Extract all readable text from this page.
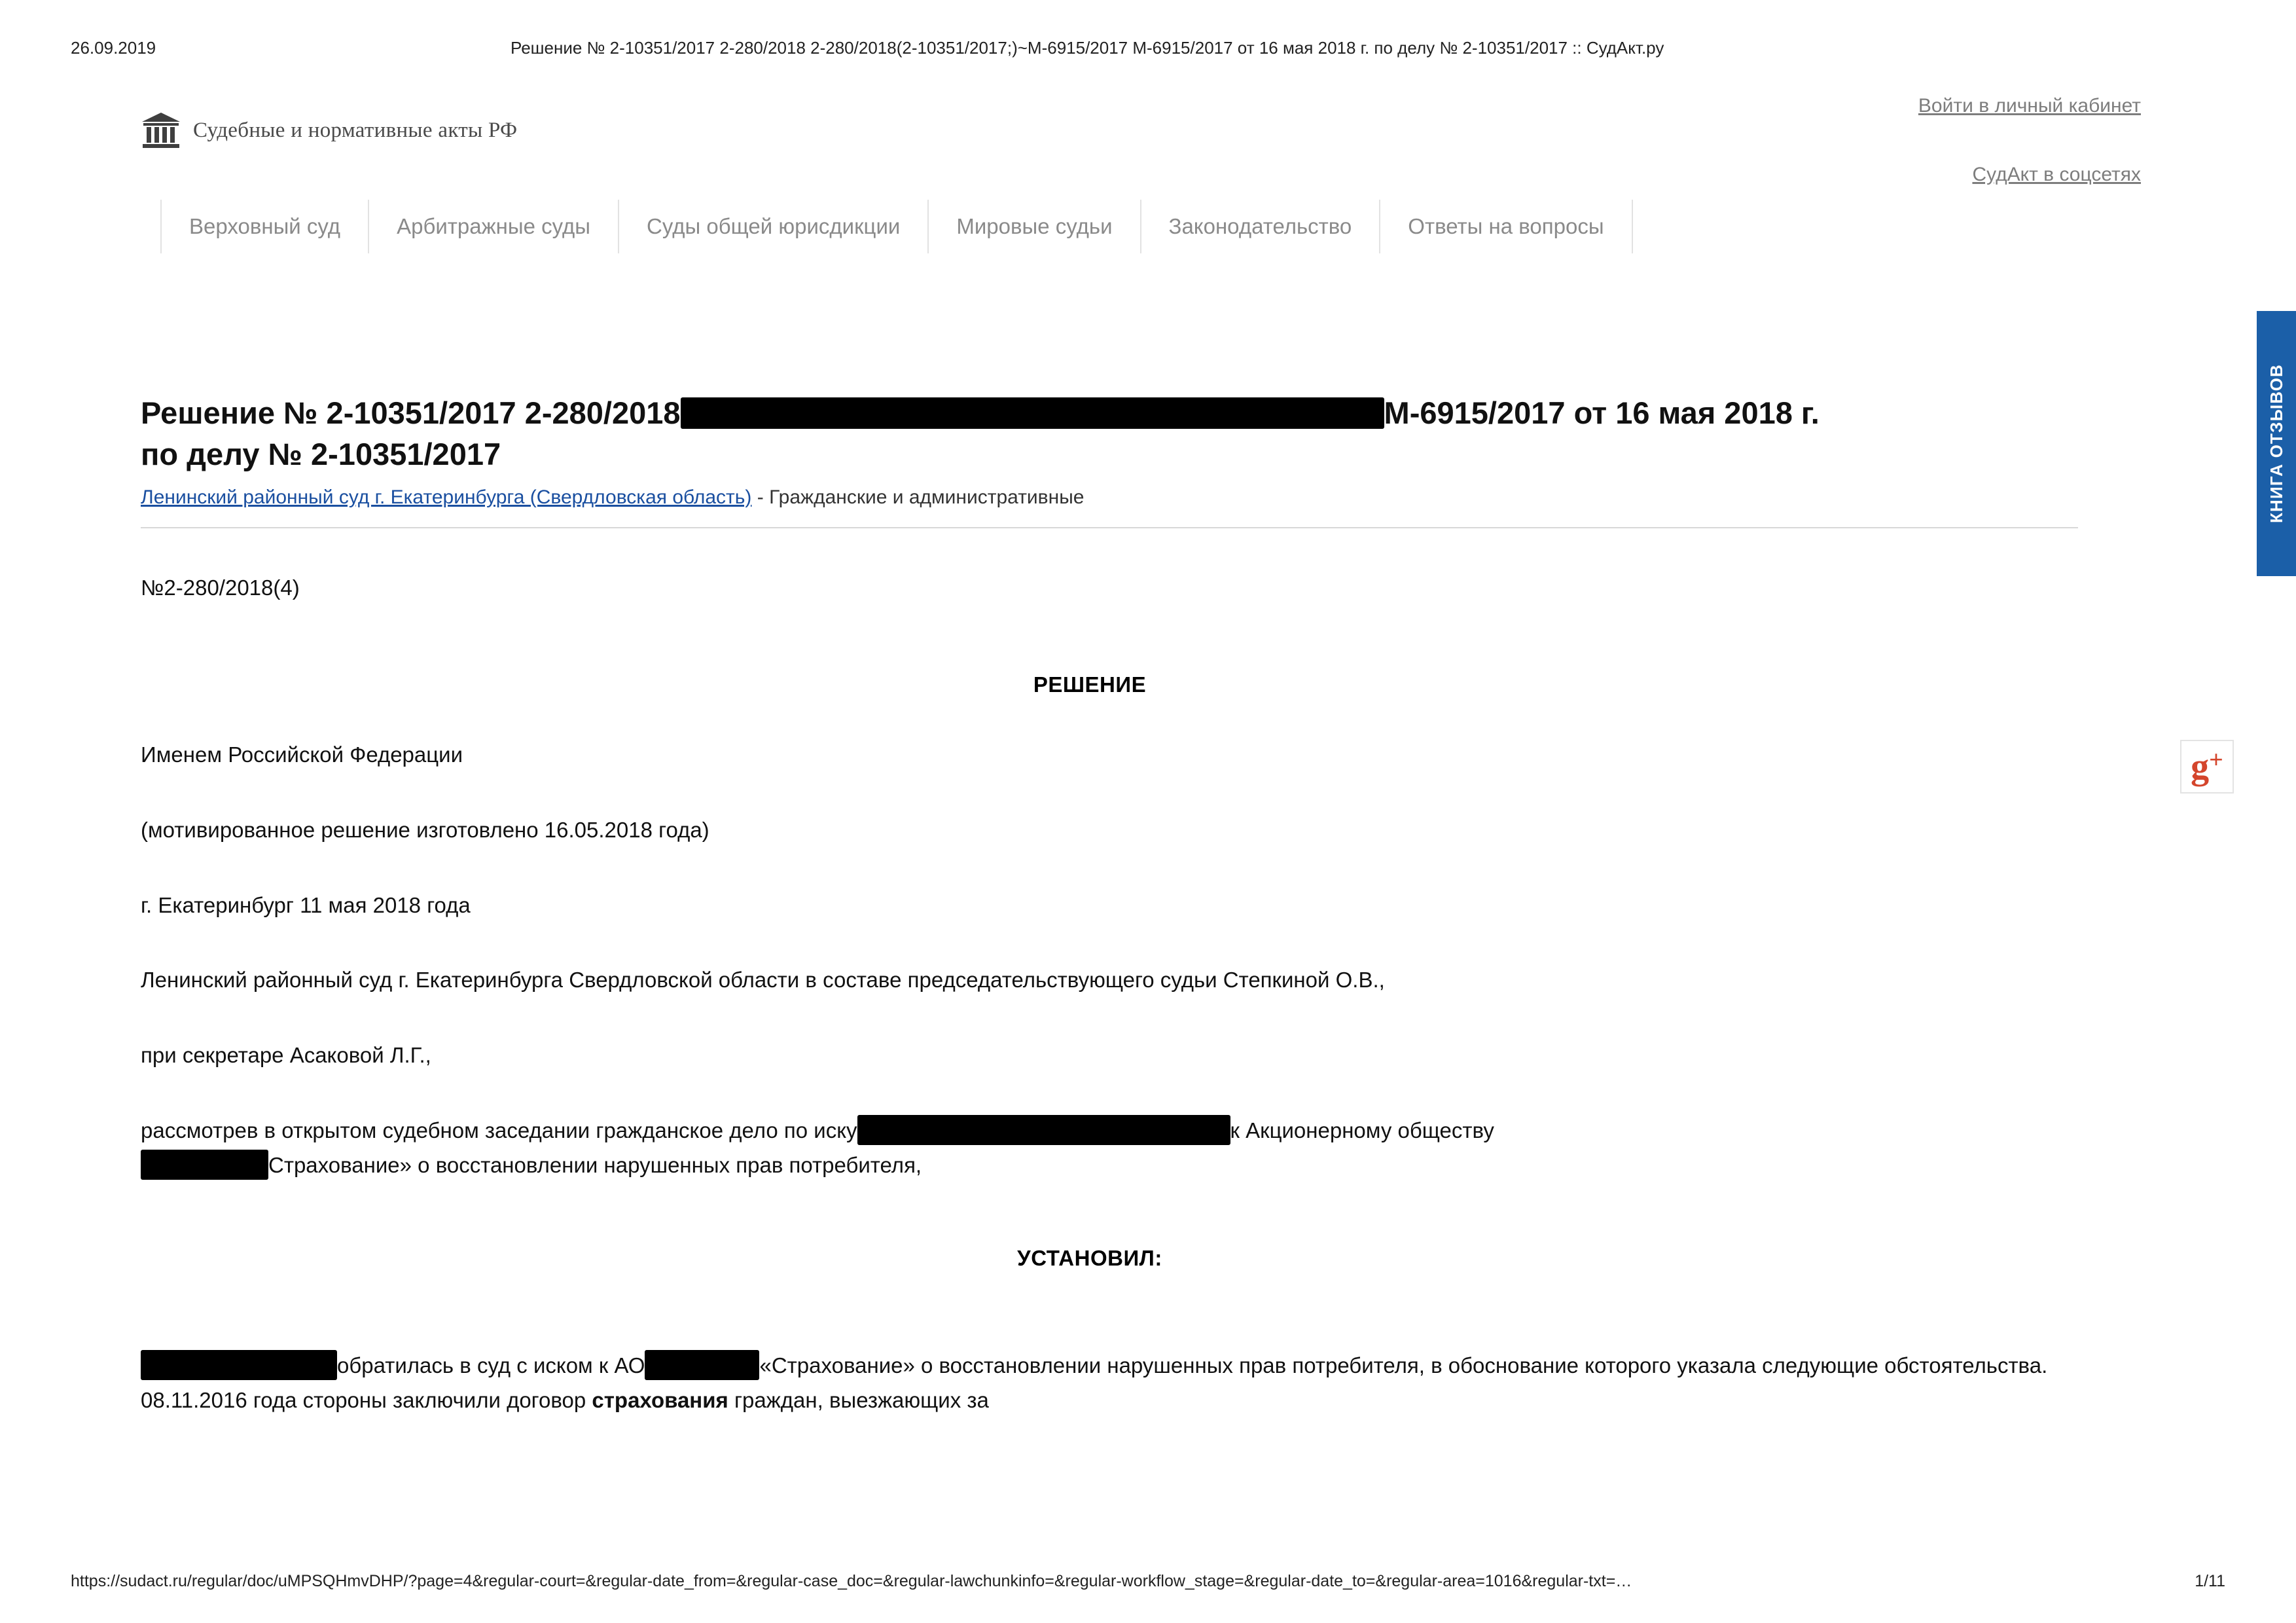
26.09.2019	Решение № 2-10351/2017 2-280/2018 2-280/2018(2-10351/2017;)~М-6915/2017 М-6915/2017 от 16 мая 2018 г. по делу № 2-10351/2017 :: СудАкт.ру
Войти в личный кабинет
СудАкт в соцсетях
Судебные и нормативные акты РФ
Верховный суд	Арбитражные суды	Суды общей юрисдикции	Мировые судьи	Законодательство	Ответы на вопросы
Решение № 2-10351/2017 2-280/2018	М-6915/2017 от 16 мая 2018 г.
по делу № 2-10351/2017
Ленинский районный суд г. Екатеринбурга (Свердловская область) - Гражданские и административные
№2-280/2018(4)
РЕШЕНИЕ
Именем Российской Федерации
(мотивированное решение изготовлено 16.05.2018 года)
г. Екатеринбург 11 мая 2018 года
Ленинский районный суд г. Екатеринбурга Свердловской области в составе председательствующего судьи Степкиной О.В.,
при секретаре Асаковой Л.Г.,
рассмотрев в открытом судебном заседании гражданское дело по иску	к Акционерному обществу
Страхование» о восстановлении нарушенных прав потребителя,
УСТАНОВИЛ:
обратилась в суд с иском к АО	«Страхование» о восстановлении нарушенных прав потребителя, в обоснование которого указала следующие обстоятельства. 08.11.2016 года стороны заключили договор страхования граждан, выезжающих за
КНИГА ОТЗЫВОВ
g +
https://sudact.ru/regular/doc/uMPSQHmvDHP/?page=4&regular-court=&regular-date_from=&regular-case_doc=&regular-lawchunkinfo=&regular-workflow_stage=&regular-date_to=&regular-area=1016&regular-txt=…	1/11
